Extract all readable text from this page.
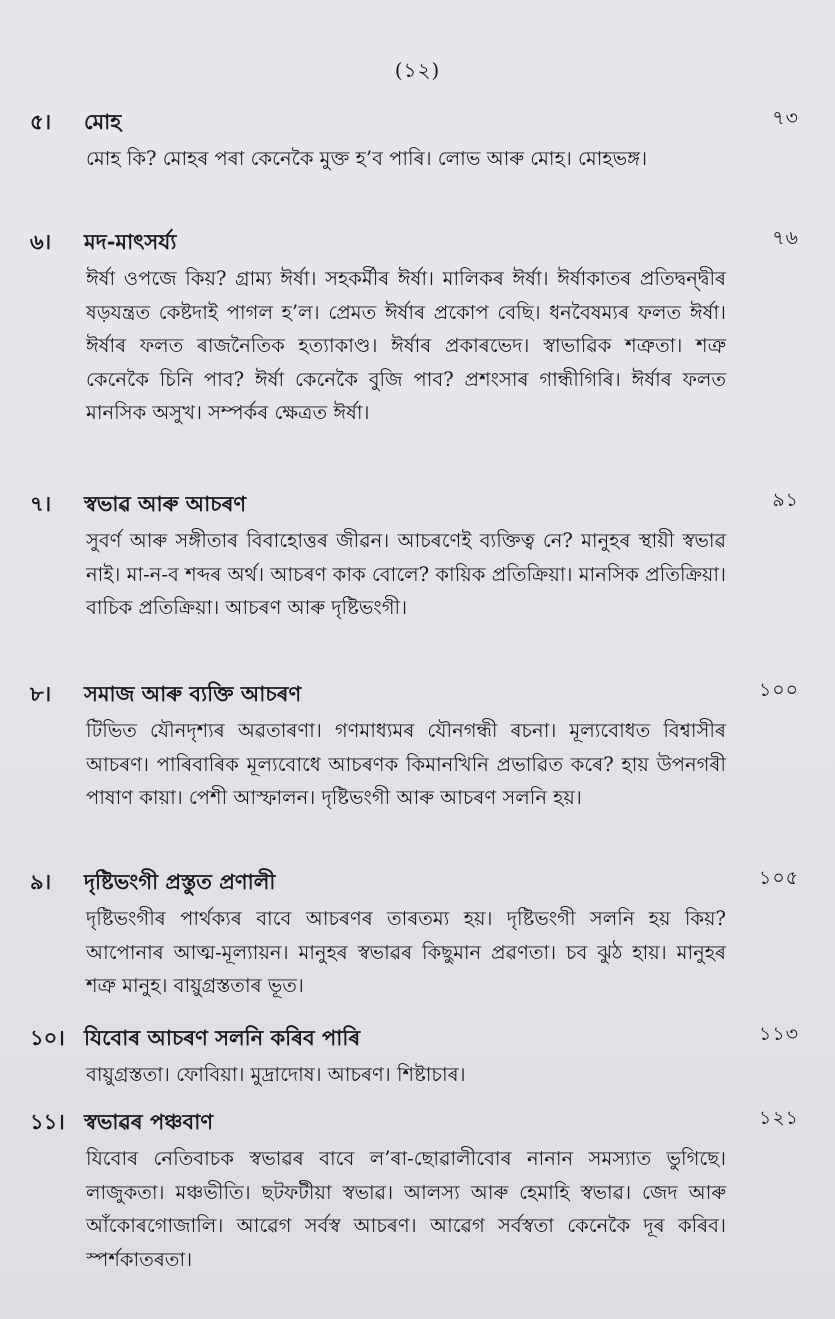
(১২)
৫। মোহ	৭৩

মোহ কি? মোহৰ পৰা কেনেকৈ মুক্ত হ’ব পাৰি। লোভ আৰু মোহ। মোহভঙ্গ।

৬। মদ-মাৎসৰ্য্য	৭৬

ঈৰ্ষা ওপজে কিয়? গ্ৰাম্য ঈৰ্ষা। সহকৰ্মীৰ ঈৰ্ষা। মালিকৰ ঈৰ্ষা। ঈৰ্ষাকাতৰ প্ৰতিদ্বন্দ্বীৰ ষড়যন্ত্ৰত কেষ্টদাই পাগল হ’ল। প্ৰেমত ঈৰ্ষাৰ প্ৰকোপ বেছি। ধনবৈষম্যৰ ফলত ঈৰ্ষা। ঈৰ্ষাৰ ফলত ৰাজনৈতিক হত্যাকাণ্ড। ঈৰ্ষাৰ প্ৰকাৰভেদ। স্বাভাৱিক শত্ৰুতা। শত্ৰু কেনেকৈ চিনি পাব? ঈৰ্ষা কেনেকৈ বুজি পাব? প্ৰশংসাৰ গান্ধীগিৰি। ঈৰ্ষাৰ ফলত মানসিক অসুখ। সম্পৰ্কৰ ক্ষেত্ৰত ঈৰ্ষা।

৭। স্বভাৱ আৰু আচৰণ	৯১

সুবৰ্ণ আৰু সঙ্গীতাৰ বিবাহোত্তৰ জীৱন। আচৰণেই ব্যক্তিত্ব নে? মানুহৰ স্থায়ী স্বভাৱ নাই। মা-ন-ব শব্দৰ অৰ্থ। আচৰণ কাক বোলে? কায়িক প্ৰতিক্ৰিয়া। মানসিক প্ৰতিক্ৰিয়া। বাচিক প্ৰতিক্ৰিয়া। আচৰণ আৰু দৃষ্টিভংগী।

৮। সমাজ আৰু ব্যক্তি আচৰণ	১০০

টিভিত যৌনদৃশ্যৰ অৱতাৰণা। গণমাধ্যমৰ যৌনগন্ধী ৰচনা। মূল্যবোধত বিশ্বাসীৰ আচৰণ। পাৰিবাৰিক মূল্যবোধে আচৰণক কিমানখিনি প্ৰভাৱিত কৰে? হায় উপনগৰী পাষাণ কায়া। পেশী আস্ফালন। দৃষ্টিভংগী আৰু আচৰণ সলনি হয়।

৯। দৃষ্টিভংগী প্ৰস্তুত প্ৰণালী	১০৫

দৃষ্টিভংগীৰ পাৰ্থক্যৰ বাবে আচৰণৰ তাৰতম্য হয়। দৃষ্টিভংগী সলনি হয় কিয়? আপোনাৰ আত্ম-মূল্যায়ন। মানুহৰ স্বভাৱৰ কিছুমান প্ৰৱণতা। চব ঝুঠ হায়। মানুহৰ শত্ৰু মানুহ। বায়ুগ্ৰস্ততাৰ ভূত।

১০। যিবোৰ আচৰণ সলনি কৰিব পাৰি	১১৩

বায়ুগ্ৰস্ততা। ফোবিয়া। মুদ্ৰাদোষ। আচৰণ। শিষ্টাচাৰ।

১১। স্বভাৱৰ পঞ্চবাণ	১২১

যিবোৰ নেতিবাচক স্বভাৱৰ বাবে ল’ৰা-ছোৱালীবোৰ নানান সমস্যাত ভুগিছে। লাজুকতা। মঞ্চভীতি। ছটফটীয়া স্বভাৱ। আলস্য আৰু হেমাহি স্বভাৱ। জেদ আৰু আঁকোৰগোজালি। আৱেগ সৰ্বস্ব আচৰণ। আৱেগ সৰ্বস্বতা কেনেকৈ দূৰ কৰিব। স্পৰ্শকাতৰতা।
